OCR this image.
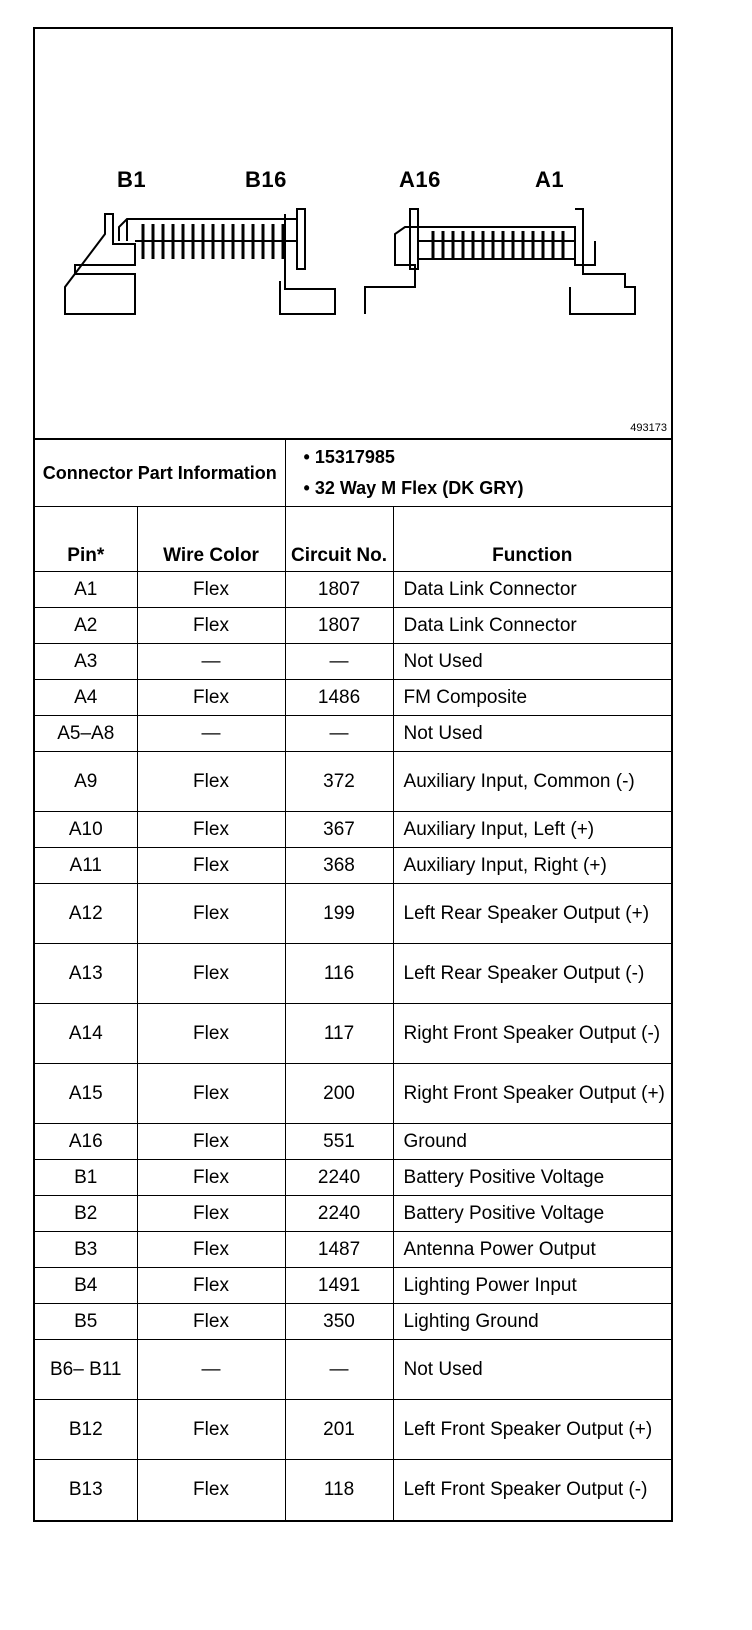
B1	B16	A16	A1
493173
Connector Part Information		• 15317985
• 32 Way M Flex (DK GRY)	

Pin*	Wire Color	Circuit No.	Function
A1	Flex	1807	Data Link Connector
A2	Flex	1807	Data Link Connector
A3	—	—	Not Used
A4	Flex	1486	FM Composite
A5–A8	—	—	Not Used
A9	Flex	372	Auxiliary Input, Common (-)
A10	Flex	367	Auxiliary Input, Left (+)
A11	Flex	368	Auxiliary Input, Right (+)
A12	Flex	199	Left Rear Speaker Output (+)
A13	Flex	116	Left Rear Speaker Output (-)
A14	Flex	117	Right Front Speaker Output (-)
A15	Flex	200	Right Front Speaker Output (+)
A16	Flex	551	Ground
B1	Flex	2240	Battery Positive Voltage
B2	Flex	2240	Battery Positive Voltage
B3	Flex	1487	Antenna Power Output
B4	Flex	1491	Lighting Power Input
B5	Flex	350	Lighting Ground
B6– B11	—	—	Not Used
B12	Flex	201	Left Front Speaker Output (+)
B13	Flex	118	Left Front Speaker Output (-)
